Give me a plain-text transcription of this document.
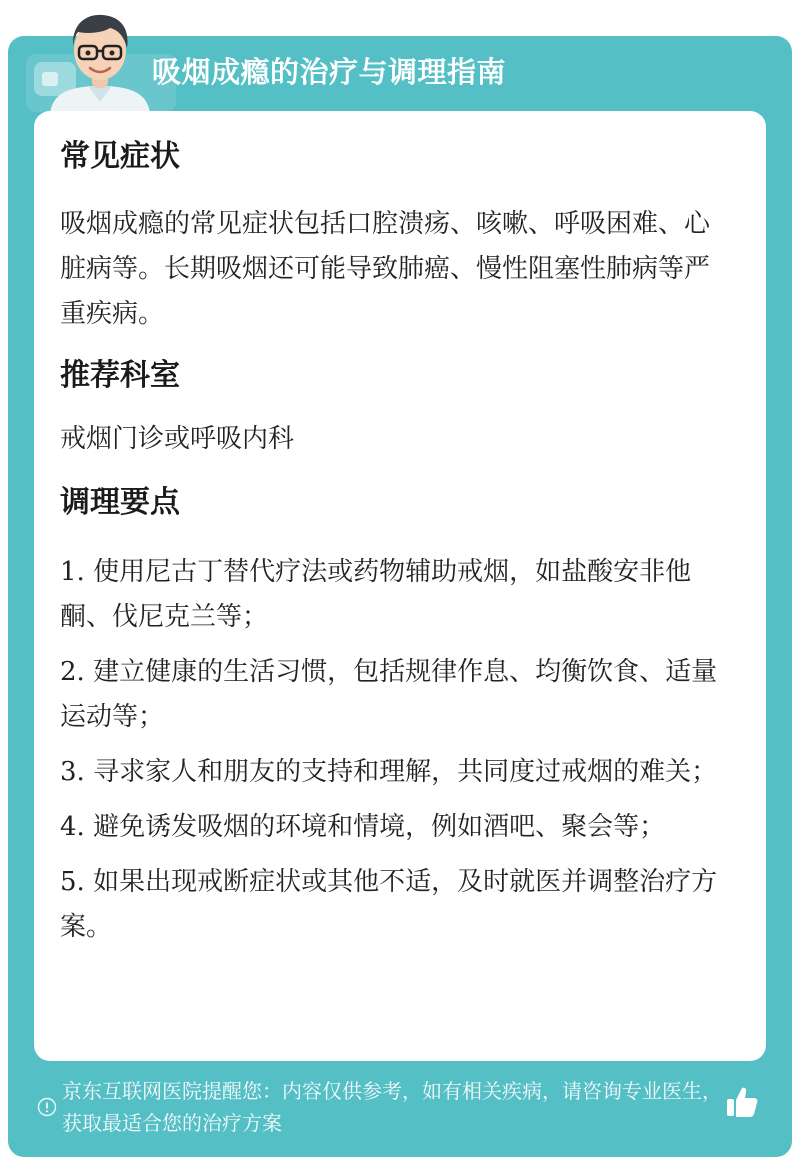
吸烟成瘾的治疗与调理指南
常见症状
吸烟成瘾的常见症状包括口腔溃疡、咳嗽、呼吸困难、心脏病等。长期吸烟还可能导致肺癌、慢性阻塞性肺病等严重疾病。
推荐科室
戒烟门诊或呼吸内科
调理要点
1. 使用尼古丁替代疗法或药物辅助戒烟，如盐酸安非他酮、伐尼克兰等；
2. 建立健康的生活习惯，包括规律作息、均衡饮食、适量运动等；
3. 寻求家人和朋友的支持和理解，共同度过戒烟的难关；
4. 避免诱发吸烟的环境和情境，例如酒吧、聚会等；
5. 如果出现戒断症状或其他不适，及时就医并调整治疗方案。
京东互联网医院提醒您：内容仅供参考，如有相关疾病，请咨询专业医生，获取最适合您的治疗方案
